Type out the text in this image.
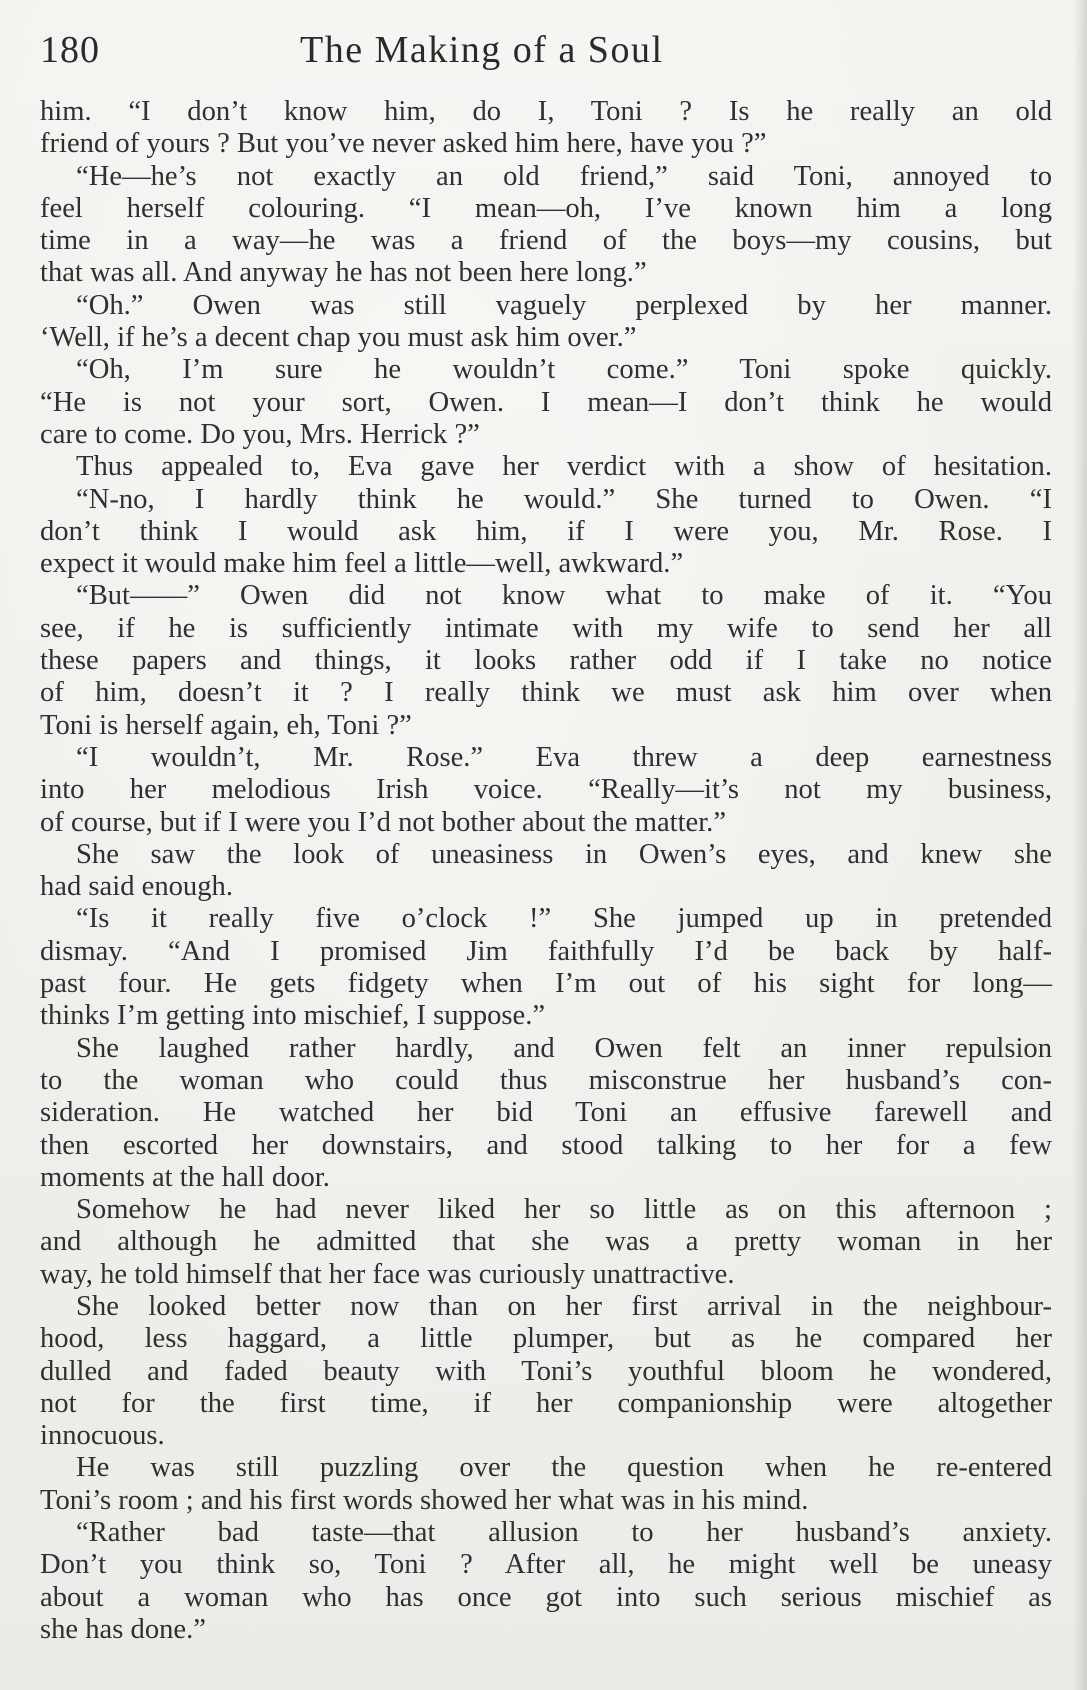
180	The Making of a Soul
him. “I don’t know him, do I, Toni ? Is he really an old
friend of yours ? But you’ve never asked him here, have you ?”
“He—he’s not exactly an old friend,” said Toni, annoyed to
feel herself colouring. “I mean—oh, I’ve known him a long
time in a way—he was a friend of the boys—my cousins, but
that was all. And anyway he has not been here long.”
“Oh.” Owen was still vaguely perplexed by her manner.
‘Well, if he’s a decent chap you must ask him over.”
“Oh, I’m sure he wouldn’t come.” Toni spoke quickly.
“He is not your sort, Owen. I mean—I don’t think he would
care to come. Do you, Mrs. Herrick ?”
Thus appealed to, Eva gave her verdict with a show of hesitation.
“N-no, I hardly think he would.” She turned to Owen. “I
don’t think I would ask him, if I were you, Mr. Rose. I
expect it would make him feel a little—well, awkward.”
“But——” Owen did not know what to make of it. “You
see, if he is sufficiently intimate with my wife to send her all
these papers and things, it looks rather odd if I take no notice
of him, doesn’t it ? I really think we must ask him over when
Toni is herself again, eh, Toni ?”
“I wouldn’t, Mr. Rose.” Eva threw a deep earnestness
into her melodious Irish voice. “Really—it’s not my business,
of course, but if I were you I’d not bother about the matter.”
She saw the look of uneasiness in Owen’s eyes, and knew she
had said enough.
“Is it really five o’clock !” She jumped up in pretended
dismay. “And I promised Jim faithfully I’d be back by half-
past four. He gets fidgety when I’m out of his sight for long—
thinks I’m getting into mischief, I suppose.”
She laughed rather hardly, and Owen felt an inner repulsion
to the woman who could thus misconstrue her husband’s con-
sideration. He watched her bid Toni an effusive farewell and
then escorted her downstairs, and stood talking to her for a few
moments at the hall door.
Somehow he had never liked her so little as on this afternoon ;
and although he admitted that she was a pretty woman in her
way, he told himself that her face was curiously unattractive.
She looked better now than on her first arrival in the neighbour-
hood, less haggard, a little plumper, but as he compared her
dulled and faded beauty with Toni’s youthful bloom he wondered,
not for the first time, if her companionship were altogether
innocuous.
He was still puzzling over the question when he re-entered
Toni’s room ; and his first words showed her what was in his mind.
“Rather bad taste—that allusion to her husband’s anxiety.
Don’t you think so, Toni ? After all, he might well be uneasy
about a woman who has once got into such serious mischief as
she has done.”
